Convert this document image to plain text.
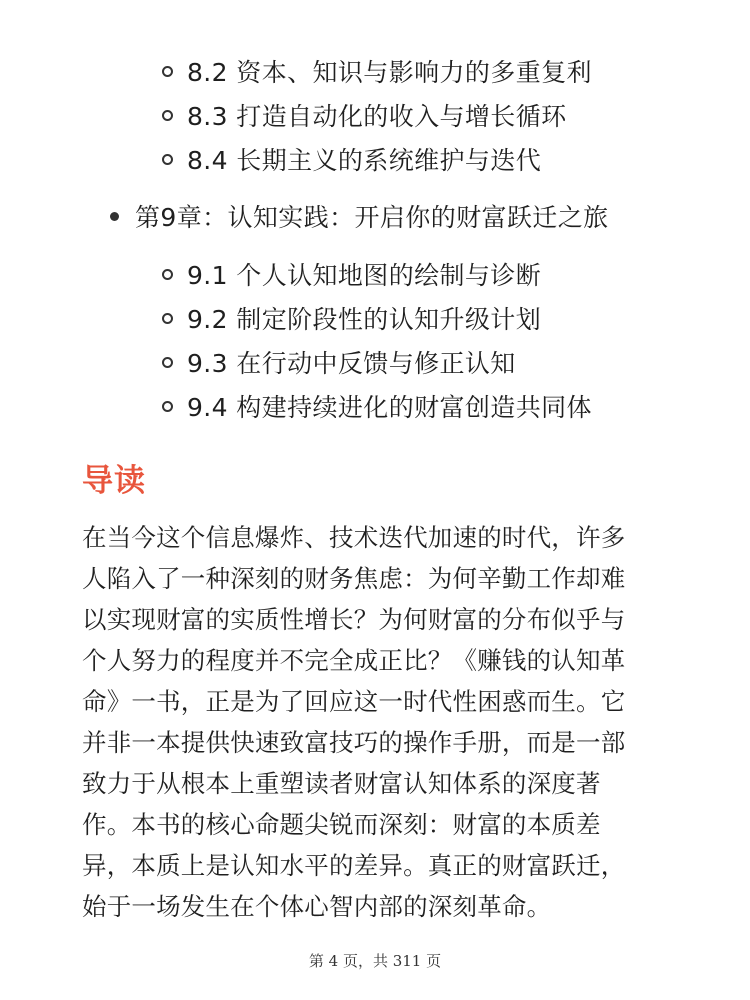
8.2 资本、知识与影响力的多重复利
8.3 打造自动化的收入与增长循环
8.4 长期主义的系统维护与迭代
第9章：认知实践：开启你的财富跃迁之旅
9.1 个人认知地图的绘制与诊断
9.2 制定阶段性的认知升级计划
9.3 在行动中反馈与修正认知
9.4 构建持续进化的财富创造共同体
导读
在当今这个信息爆炸、技术迭代加速的时代，许多
人陷入了一种深刻的财务焦虑：为何辛勤工作却难
以实现财富的实质性增长？为何财富的分布似乎与
个人努力的程度并不完全成正比？《赚钱的认知革
命》一书，正是为了回应这一时代性困惑而生。它
并非一本提供快速致富技巧的操作手册，而是一部
致力于从根本上重塑读者财富认知体系的深度著
作。本书的核心命题尖锐而深刻：财富的本质差
异，本质上是认知水平的差异。真正的财富跃迁，
始于一场发生在个体心智内部的深刻革命。
第 4 页，共 311 页
